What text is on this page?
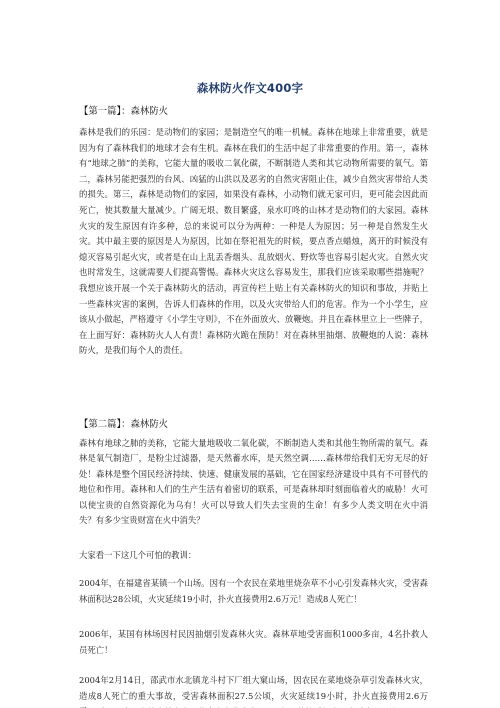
森林防火作文400字
【第一篇】：森林防火

森林是我们的乐园：是动物们的家园；是制造空气的唯一机械。森林在地球上非常重要，就是因为有了森林我们的地球才会有生机。森林在我们的生活中起了非常重要的作用。第一，森林有“地球之肺”的美称，它能大量的吸收二氧化碳，不断制造人类和其它动物所需要的氧气。第二，森林另能把强烈的台风、凶猛的山洪以及恶劣的自然灾害阻止住，减少自然灾害带给人类的损失。第三，森林是动物们的家园，如果没有森林，小动物们就无家可归，更可能会因此而死亡，使其数量大量减少。广阔无垠、数目繁盛，泉水叮咚的山林才是动物们的大家园。森林火灾的发生原因有许多种，总的来说可以分为两种：一种是人为原因；另一种是自然发生火灾。其中最主要的原因是人为原因，比如在祭祀祖先的时候，要点香点蜡烛，离开的时候没有熄灭容易引起火灾，或者是在山上乱丢香烟头、乱放烟火、野炊等也容易引起火灾。自然火灾也时常发生，这就需要人们提高警惕。森林火灾这么容易发生，那我们应该采取哪些措施呢？我想应该开展一个关于森林防火的活动，再宣传栏上贴上有关森林防火的知识和事故，并贴上一些森林灾害的案例，告诉人们森林的作用，以及火灾带给人们的危害。作为一个小学生，应该从小做起，严格遵守《小学生守则》，不在外面放火、放鞭炮。并且在森林里立上一些牌子，在上面写好：森林防火人人有责！森林防火跪在预防！对在森林里抽烟、放鞭炮的人说：森林防火，是我们每个人的责任。

【第二篇】：森林防火

森林有地球之肺的美称，它能大量地吸收二氧化碳，不断制造人类和其他生物所需的氧气。森林是氧气制造厂，是粉尘过滤器，是天然蓄水库，是天然空调……森林带给我们无穷无尽的好处！森林是整个国民经济持续、快速、健康发展的基础，它在国家经济建设中具有不可替代的地位和作用。森林和人们的生产生活有着密切的联系，可是森林却时刻面临着火的威胁！火可以使宝贵的自然资源化为乌有！火可以导致人们失去宝贵的生命！有多少人类文明在火中消失？有多少宝贵财富在火中消失？

大家看一下这几个可怕的教训：

2004年，在福建省某镇一个山场。因有一个农民在菜地里烧杂草不小心引发森林火灾，受害森林面积达28公顷，火灾延续19小时，扑火直接费用2.6万元！造成8人死亡！

2006年，某国有林场因村民因抽烟引发森林火灾。森林草地受害面积1000多亩，4名扑救人员死亡！

2004年2月14日，邵武市水北镇龙斗村下厂组大窠山场，因农民在菜地烧杂草引发森林火灾，造成8人死亡的重大事故，受害森林面积27.5公顷，火灾延续19小时，扑火直接费用2.6万
